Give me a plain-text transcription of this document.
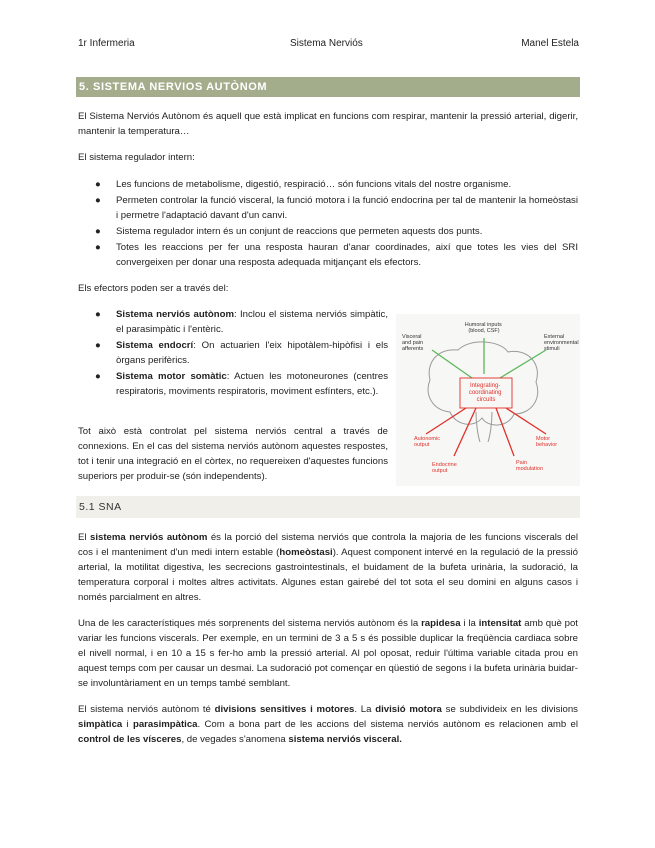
1r Infermeria	Sistema Nerviós	Manel Estela
5. SISTEMA NERVIOS AUTÒNOM
El Sistema Nerviós Autònom és aquell que està implicat en funcions com respirar, mantenir la pressió arterial, digerir, mantenir la temperatura…
El sistema regulador intern:
● Les funcions de metabolisme, digestió, respiració… són funcions vitals del nostre organisme.
● Permeten controlar la funció visceral, la funció motora i la funció endocrina per tal de mantenir la homeòstasi i permetre l'adaptació davant d'un canvi.
● Sistema regulador intern és un conjunt de reaccions que permeten aquests dos punts.
● Totes les reaccions per fer una resposta hauran d'anar coordinades, així que totes les vies del SRI convergeixen per donar una resposta adequada mitjançant els efectors.
Els efectors poden ser a través del:
● Sistema nerviós autònom: Inclou el sistema nerviós simpàtic, el parasimpàtic i l'entèric.
● Sistema endocrí: On actuarien l'eix hipotàlem-hipòfisi i els òrgans perifèrics.
● Sistema motor somàtic: Actuen les motoneurones (centres respiratoris, moviments respiratoris, moviment esfínters, etc.).
Tot això està controlat pel sistema nerviós central a través de connexions. En el cas del sistema nerviós autònom aquestes respostes, tot i tenir una integració en el còrtex, no requereixen d'aquestes funcions superiors per produir-se (són independents).
Humoral inputs (blood, CSF)
Visceral and pain afferents
External environmental stimuli
Integrating- coordinating circuits
Autonomic output
Motor behavior
Endocrine output
Pain modulation
5.1 SNA
El sistema nerviós autònom és la porció del sistema nerviós que controla la majoria de les funcions viscerals del cos i el manteniment d'un medi intern estable (homeòstasi). Aquest component intervé en la regulació de la pressió arterial, la motilitat digestiva, les secrecions gastrointestinals, el buidament de la bufeta urinària, la sudoració, la temperatura corporal i moltes altres activitats. Algunes estan gairebé del tot sota el seu domini en alguns casos i només parcialment en altres.
Una de les característiques més sorprenents del sistema nerviós autònom és la rapidesa i la intensitat amb què pot variar les funcions viscerals. Per exemple, en un termini de 3 a 5 s és possible duplicar la freqüència cardiaca sobre el nivell normal, i en 10 a 15 s fer-ho amb la pressió arterial. Al pol oposat, reduir l'última variable citada prou en aquest temps com per causar un desmai. La sudoració pot començar en qüestió de segons i la bufeta urinària buidar-se involuntàriament en un temps també semblant.
El sistema nerviós autònom té divisions sensitives i motores. La divisió motora se subdivideix en les divisions simpàtica i parasimpàtica. Com a bona part de les accions del sistema nerviós autònom es relacionen amb el control de les vísceres, de vegades s'anomena sistema nerviós visceral.
